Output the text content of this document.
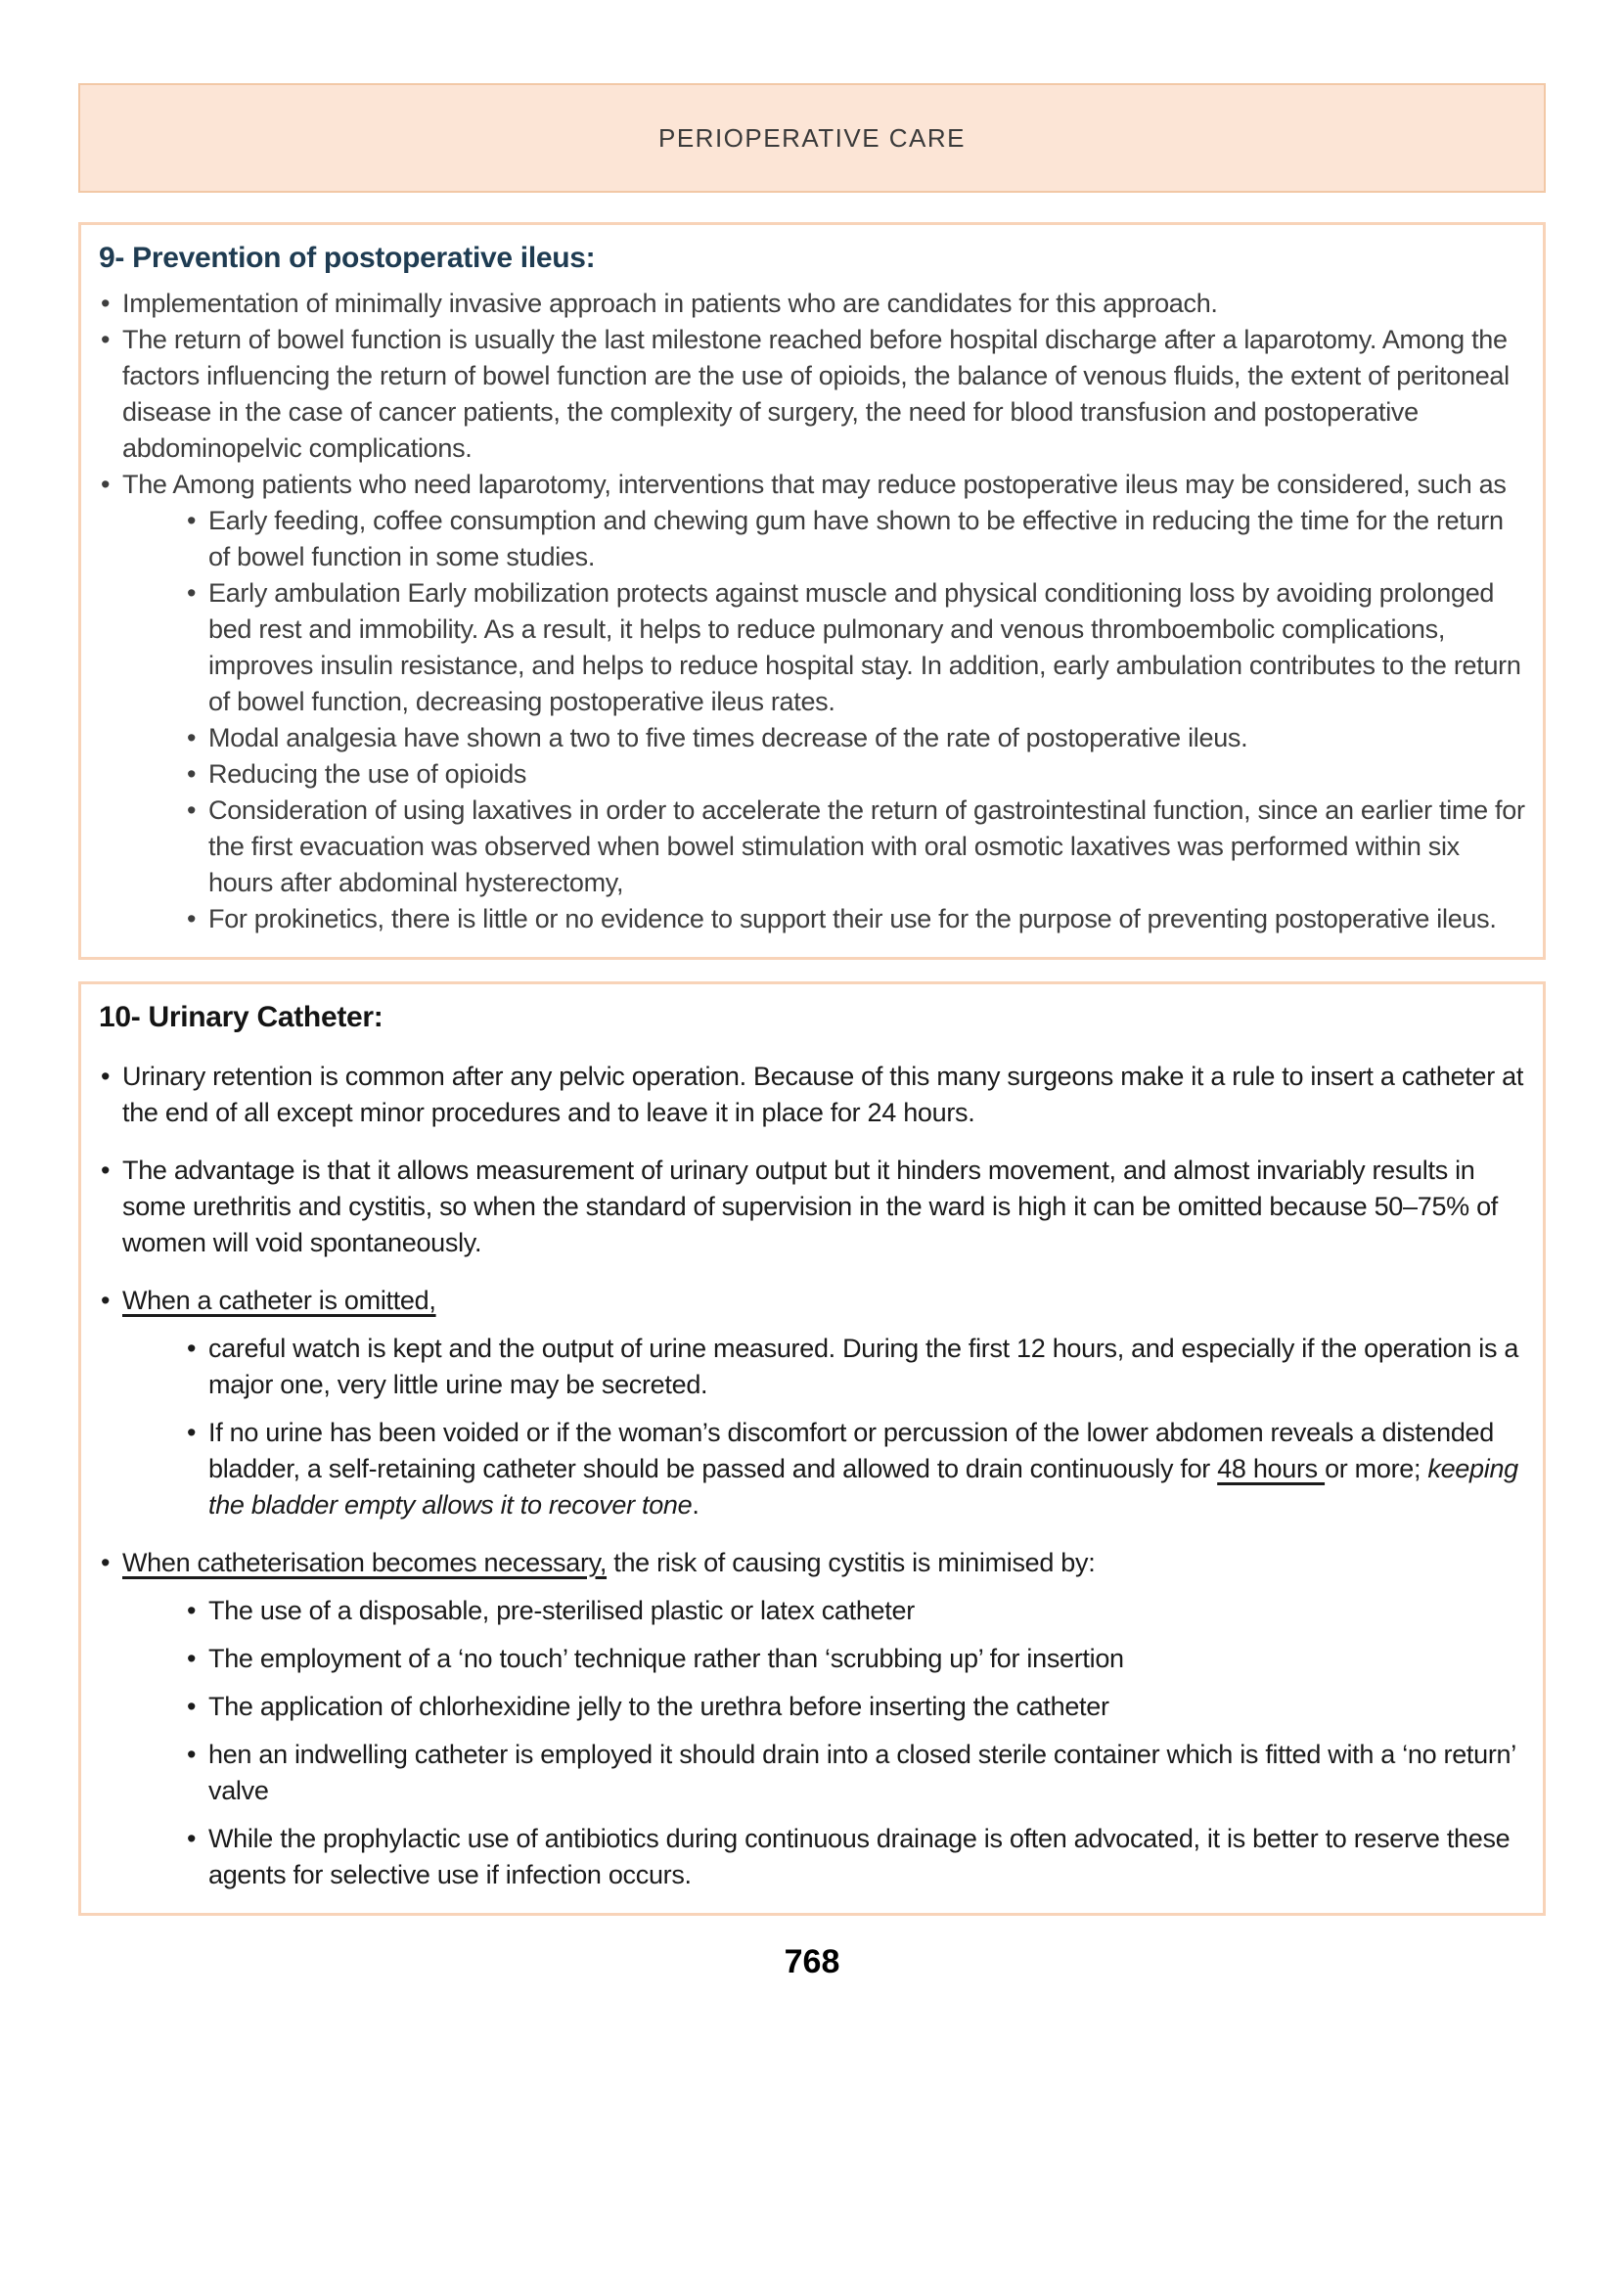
PERIOPERATIVE CARE
9- Prevention of postoperative ileus:
• Implementation of minimally invasive approach in patients who are candidates for this approach.
• The return of bowel function is usually the last milestone reached before hospital discharge after a laparotomy. Among the factors influencing the return of bowel function are the use of opioids, the balance of venous fluids, the extent of peritoneal disease in the case of cancer patients, the complexity of surgery, the need for blood transfusion and postoperative abdominopelvic complications.
• The Among patients who need laparotomy, interventions that may reduce postoperative ileus may be considered, such as
• Early feeding, coffee consumption and chewing gum have shown to be effective in reducing the time for the return of bowel function in some studies.
• Early ambulation Early mobilization protects against muscle and physical conditioning loss by avoiding prolonged bed rest and immobility. As a result, it helps to reduce pulmonary and venous thromboembolic complications, improves insulin resistance, and helps to reduce hospital stay. In addition, early ambulation contributes to the return of bowel function, decreasing postoperative ileus rates.
• Modal analgesia have shown a two to five times decrease of the rate of postoperative ileus.
• Reducing the use of opioids
• Consideration of using laxatives in order to accelerate the return of gastrointestinal function, since an earlier time for the first evacuation was observed when bowel stimulation with oral osmotic laxatives was performed within six hours after abdominal hysterectomy,
• For prokinetics, there is little or no evidence to support their use for the purpose of preventing postoperative ileus.
10- Urinary Catheter:
• Urinary retention is common after any pelvic operation. Because of this many surgeons make it a rule to insert a catheter at the end of all except minor procedures and to leave it in place for 24 hours.
• The advantage is that it allows measurement of urinary output but it hinders movement, and almost invariably results in some urethritis and cystitis, so when the standard of supervision in the ward is high it can be omitted because 50–75% of women will void spontaneously.
• When a catheter is omitted,
• careful watch is kept and the output of urine measured. During the first 12 hours, and especially if the operation is a major one, very little urine may be secreted.
• If no urine has been voided or if the woman’s discomfort or percussion of the lower abdomen reveals a distended bladder, a self-retaining catheter should be passed and allowed to drain continuously for 48 hours or more; keeping the bladder empty allows it to recover tone.
• When catheterisation becomes necessary, the risk of causing cystitis is minimised by:
• The use of a disposable, pre-sterilised plastic or latex catheter
• The employment of a ‘no touch’ technique rather than ‘scrubbing up’ for insertion
• The application of chlorhexidine jelly to the urethra before inserting the catheter
• hen an indwelling catheter is employed it should drain into a closed sterile container which is fitted with a ‘no return’ valve
• While the prophylactic use of antibiotics during continuous drainage is often advocated, it is better to reserve these agents for selective use if infection occurs.
768
